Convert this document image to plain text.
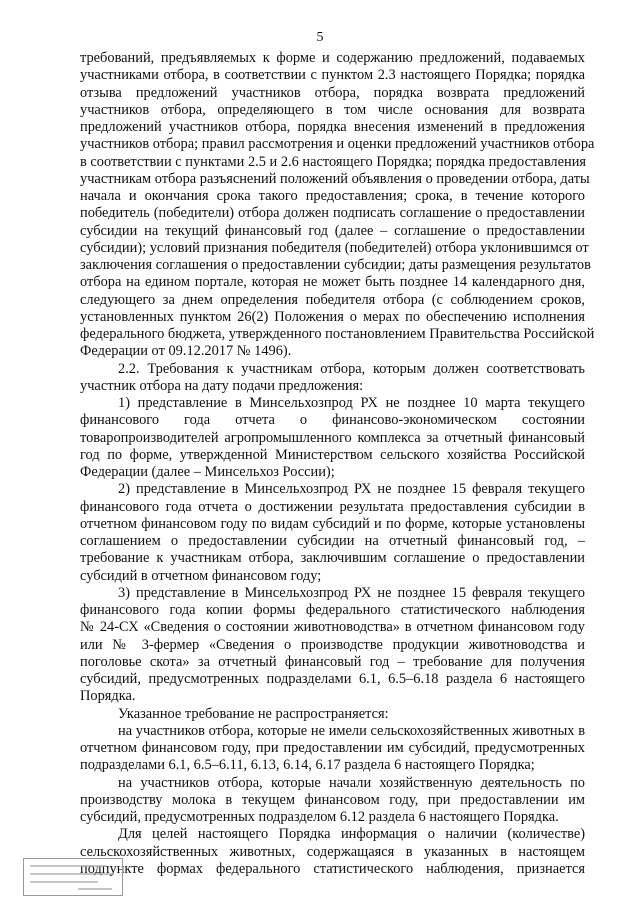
5
требований, предъявляемых к форме и содержанию предложений, подаваемых
участниками отбора, в соответствии с пунктом 2.3 настоящего Порядка; порядка
отзыва предложений участников отбора, порядка возврата предложений
участников отбора, определяющего в том числе основания для возврата
предложений участников отбора, порядка внесения изменений в предложения
участников отбора; правил рассмотрения и оценки предложений участников отбора
в соответствии с пунктами 2.5 и 2.6 настоящего Порядка; порядка предоставления
участникам отбора разъяснений положений объявления о проведении отбора, даты
начала и окончания срока такого предоставления; срока, в течение которого
победитель (победители) отбора должен подписать соглашение о предоставлении
субсидии на текущий финансовый год (далее – соглашение о предоставлении
субсидии); условий признания победителя (победителей) отбора уклонившимся от
заключения соглашения о предоставлении субсидии; даты размещения результатов
отбора на едином портале, которая не может быть позднее 14 календарного дня,
следующего за днем определения победителя отбора (с соблюдением сроков,
установленных пунктом 26(2) Положения о мерах по обеспечению исполнения
федерального бюджета, утвержденного постановлением Правительства Российской
Федерации от 09.12.2017 № 1496).
2.2. Требования к участникам отбора, которым должен соответствовать
участник отбора на дату подачи предложения:
1) представление в Минсельхозпрод РХ не позднее 10 марта текущего
финансового года отчета о финансово-экономическом состоянии
товаропроизводителей агропромышленного комплекса за отчетный финансовый
год по форме, утвержденной Министерством сельского хозяйства Российской
Федерации (далее – Минсельхоз России);
2) представление в Минсельхозпрод РХ не позднее 15 февраля текущего
финансового года отчета о достижении результата предоставления субсидии в
отчетном финансовом году по видам субсидий и по форме, которые установлены
соглашением о предоставлении субсидии на отчетный финансовый год, –
требование к участникам отбора, заключившим соглашение о предоставлении
субсидий в отчетном финансовом году;
3) представление в Минсельхозпрод РХ не позднее 15 февраля текущего
финансового года копии формы федерального статистического наблюдения
№ 24-СХ «Сведения о состоянии животноводства» в отчетном финансовом году
или № 3-фермер «Сведения о производстве продукции животноводства и
поголовье скота» за отчетный финансовый год – требование для получения
субсидий, предусмотренных подразделами 6.1, 6.5–6.18 раздела 6 настоящего
Порядка.
Указанное требование не распространяется:
на участников отбора, которые не имели сельскохозяйственных животных в
отчетном финансовом году, при предоставлении им субсидий, предусмотренных
подразделами 6.1, 6.5–6.11, 6.13, 6.14, 6.17 раздела 6 настоящего Порядка;
на участников отбора, которые начали хозяйственную деятельность по
производству молока в текущем финансовом году, при предоставлении им
субсидий, предусмотренных подразделом 6.12 раздела 6 настоящего Порядка.
Для целей настоящего Порядка информация о наличии (количестве)
сельскохозяйственных животных, содержащаяся в указанных в настоящем
подпункте формах федерального статистического наблюдения, признается
